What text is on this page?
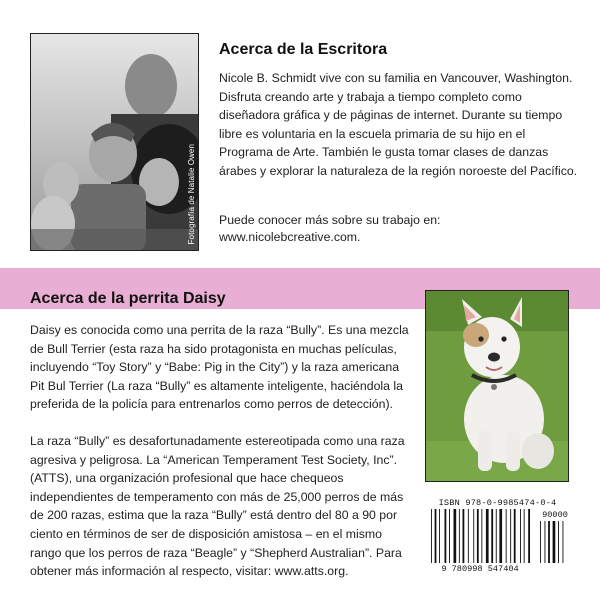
Fotografía de Natalie Owen
Acerca de la Escritora

Nicole B. Schmidt vive con su familia en Vancouver, Washington. Disfruta creando arte y trabaja a tiempo completo como diseñadora gráfica y de páginas de internet. Durante su tiempo libre es voluntaria en la escuela primaria de su hijo en el Programa de Arte. También le gusta tomar clases de danzas árabes y explorar la naturaleza de la región noroeste del Pacífico.

Puede conocer más sobre su trabajo en: www.nicolebcreative.com.

Acerca de la perrita Daisy

Daisy es conocida como una perrita de la raza “Bully”. Es una mezcla de Bull Terrier (esta raza ha sido protagonista en muchas películas, incluyendo “Toy Story” y “Babe: Pig in the City”) y la raza americana Pit Bul Terrier (La raza “Bully” es altamente inteligente, haciéndola la preferida de la policía para entrenarlos como perros de detección).

La raza “Bully” es desafortunadamente estereotipada como una raza agresiva y peligrosa. La “American Temperament Test Society, Inc”. (ATTS), una organización profesional que hace chequeos independientes de temperamento con más de 25,000 perros de más de 200 razas, estima que la raza “Bully” está dentro del 80 a 90 por ciento en términos de ser de disposición amistosa – en el mismo rango que los perros de raza “Beagle” y “Shepherd Australian”. Para obtener más información al respecto, visitar: www.atts.org.

ISBN 978-0-9985474-0-4
9 780998 547404
90000
